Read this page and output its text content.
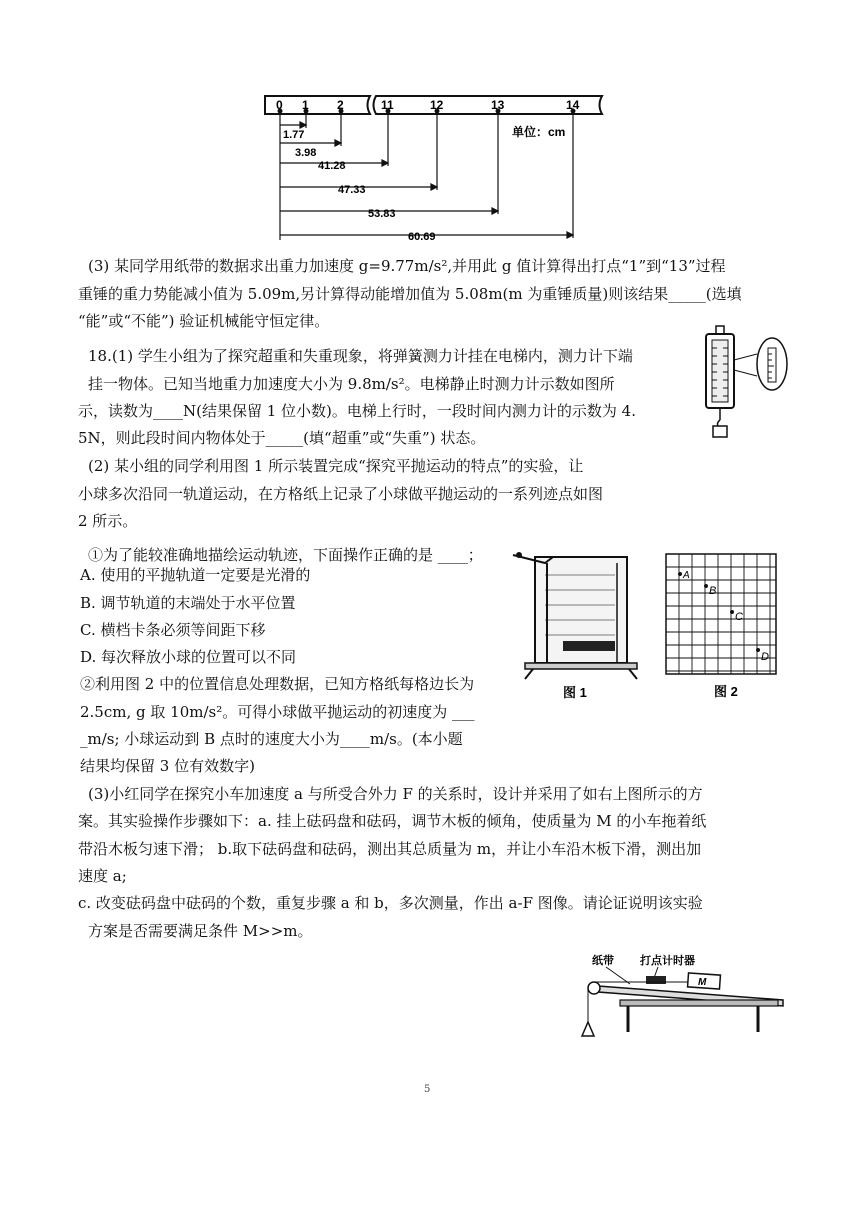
0 1 2	11	12	13	14
1.77
3.98
41.28
47.33
53.83
60.69
单位：cm
(3) 某同学用纸带的数据求出重力加速度 g=9.77m/s²,并用此 g 值计算得出打点“1”到“13”过程
重锤的重力势能减小值为 5.09m,另计算得动能增加值为 5.08m(m 为重锤质量)则该结果_____(选填
“能”或“不能”) 验证机械能守恒定律。
18.(1) 学生小组为了探究超重和失重现象，将弹簧测力计挂在电梯内，测力计下端
挂一物体。已知当地重力加速度大小为 9.8m/s²。电梯静止时测力计示数如图所
示，读数为____N(结果保留 1 位小数)。电梯上行时，一段时间内测力计的示数为 4.
5N，则此段时间内物体处于_____(填“超重”或“失重”) 状态。
(2) 某小组的同学利用图 1 所示装置完成“探究平抛运动的特点”的实验，让
小球多次沿同一轨道运动，在方格纸上记录了小球做平抛运动的一系列迹点如图
2 所示。
①为了能较准确地描绘运动轨迹，下面操作正确的是 ____；
A. 使用的平抛轨道一定要是光滑的
B. 调节轨道的末端处于水平位置
C. 横档卡条必须等间距下移
D. 每次释放小球的位置可以不同
②利用图 2 中的位置信息处理数据，已知方格纸每格边长为
2.5cm, g 取 10m/s²。可得小球做平抛运动的初速度为 ___
_m/s; 小球运动到 B 点时的速度大小为____m/s。(本小题
结果均保留 3 位有效数字)
图 1
A
B
C
D
图 2
(3)小红同学在探究小车加速度 a 与所受合外力 F 的关系时，设计并采用了如右上图所示的方
案。其实验操作步骤如下：a. 挂上砝码盘和砝码，调节木板的倾角，使质量为 M 的小车拖着纸
带沿木板匀速下滑； b.取下砝码盘和砝码，测出其总质量为 m，并让小车沿木板下滑，测出加
速度 a;
c. 改变砝码盘中砝码的个数，重复步骤 a 和 b，多次测量，作出 a-F 图像。请论证说明该实验
方案是否需要满足条件 M>>m。
纸带 打点计时器
M
5
